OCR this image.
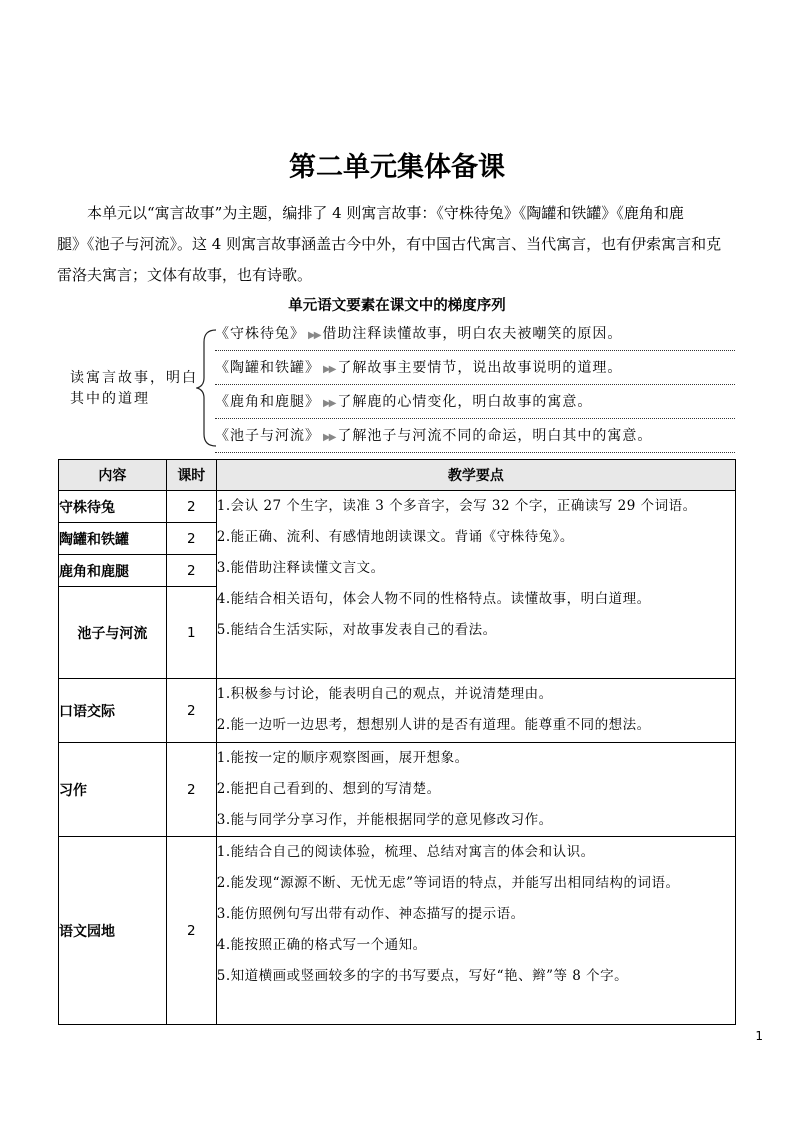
第二单元集体备课
本单元以“寓言故事”为主题，编排了 4 则寓言故事：《守株待兔》《陶罐和铁罐》《鹿角和鹿
腿》《池子与河流》。这 4 则寓言故事涵盖古今中外，有中国古代寓言、当代寓言，也有伊索寓言和克
雷洛夫寓言；文体有故事，也有诗歌。
单元语文要素在课文中的梯度序列
读寓言故事，明白其中的道理
《守株待兔》 ▶▶ 借助注释读懂故事，明白农夫被嘲笑的原因。
《陶罐和铁罐》 ▶▶ 了解故事主要情节，说出故事说明的道理。
《鹿角和鹿腿》 ▶▶ 了解鹿的心情变化，明白故事的寓意。
《池子与河流》 ▶▶ 了解池子与河流不同的命运，明白其中的寓意。
内容	课时	教学要点
守株待兔	2	1.会认 27 个生字，读准 3 个多音字，会写 32 个字，正确读写 29 个词语。
2.能正确、流利、有感情地朗读课文。背诵《守株待兔》。
3.能借助注释读懂文言文。
4.能结合相关语句，体会人物不同的性格特点。读懂故事，明白道理。
5.能结合生活实际，对故事发表自己的看法。

陶罐和铁罐	2	
鹿角和鹿腿	2	
池子与河流	1	
口语交际	2	1.积极参与讨论，能表明自己的观点，并说清楚理由。
2.能一边听一边思考，想想别人讲的是否有道理。能尊重不同的想法。

习作	2	1.能按一定的顺序观察图画，展开想象。
2.能把自己看到的、想到的写清楚。
3.能与同学分享习作，并能根据同学的意见修改习作。

语文园地	2	1.能结合自己的阅读体验，梳理、总结对寓言的体会和认识。
2.能发现“源源不断、无忧无虑”等词语的特点，并能写出相同结构的词语。
3.能仿照例句写出带有动作、神态描写的提示语。
4.能按照正确的格式写一个通知。
5.知道横画或竖画较多的字的书写要点，写好“艳、辫”等 8 个字。
1
